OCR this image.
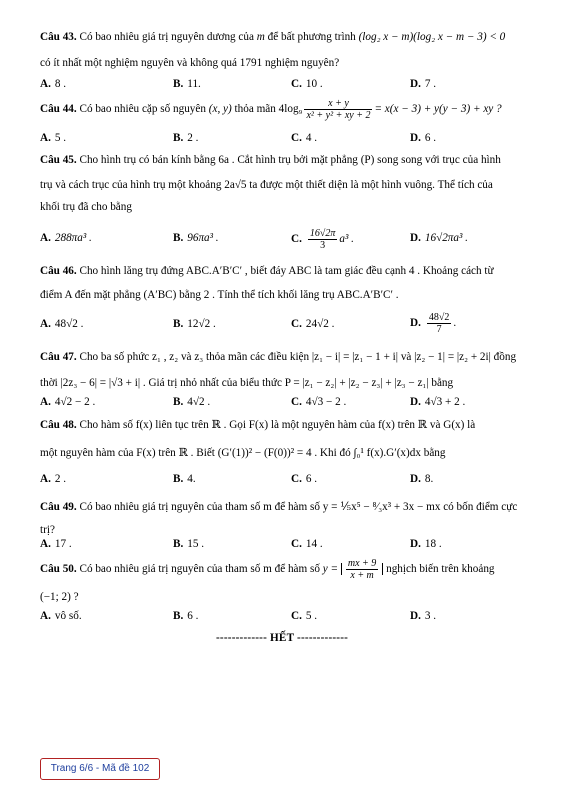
Câu 43. Có bao nhiêu giá trị nguyên dương của m để bất phương trình (log₂ x − m)(log₂ x − m − 3) < 0
có ít nhất một nghiệm nguyên và không quá 1791 nghiệm nguyên?
A. 8 .	B. 11.	C. 10 .	D. 7 .
Câu 44. Có bao nhiêu cặp số nguyên (x, y) thỏa mãn $4\log_9 \frac{x + y}{\text{x² + y² + xy + 2}} = x(x - 3) + y(y - 3)$ + xy ?
A. 5 .	B. 2 .	C. 4 .	D. 6 .
Câu 45. Cho hình trụ có bán kính bằng 6a . Cắt hình trụ bởi mặt phẳng (P) song song với trục của hình
trụ và cách trục của hình trụ một khoảng 2a√5 ta được một thiết diện là một hình vuông. Thể tích của
khối trụ đã cho bằng
A. 288πa³ .	B. 96πa³ .	C. $\frac{16√2\pi}{3} a^3$ .	D. 16√2πa³ .
Câu 46. Cho hình lăng trụ đứng ABC.A′B′C′ , biết đáy ABC là tam giác đều cạnh 4 . Khoảng cách từ
điểm A đến mặt phẳng (A′BC) bằng 2 . Tính thể tích khối lăng trụ ABC.A′B′C′ .
A. 48√2 .	B. 12√2 .	C. 24√2 .	D. $\frac{48√2}{7}$ .
Câu 47. Cho ba số phức z₁ , z₂ và z₃ thỏa mãn các điều kiện |z₁ − i| = |z₁ − 1 + i| và |z₂ − 1| = |z₂ + 2i| đồng
thời |2z₃ − 6| = |√3 + i| . Giá trị nhỏ nhất của biểu thức P = |z₁ − z₂| + |z₂ − z₃| + |z₃ − z₁| bằng
A. 4√2 − 2 .	B. 4√2 .	C. 4√3 − 2 .	D. 4√3 + 2 .
Câu 48. Cho hàm số f(x) liên tục trên ℝ . Gọi F(x) là một nguyên hàm của f(x) trên ℝ và G(x) là
một nguyên hàm của F(x) trên ℝ . Biết (G′(1))² − (F(0))² = 4 . Khi đó ∫₀¹ f(x).G′(x)dx bằng
A. 2 .	B. 4.	C. 6 .	D. 8.
Câu 49. Có bao nhiêu giá trị nguyên của tham số m để hàm số y = ⅕x⁵ − ⁸⁄₃x³ + 3x − mx có bốn điểm cực
trị?
A. 17 .	B. 15 .	C. 14 .	D. 18 .
Câu 50. Có bao nhiêu giá trị nguyên của tham số m để hàm số $y = \frac{mx + 9}{x + m}$ nghịch biến trên khoảng
(−1; 2) ?
A. vô số.	B. 6 .	C. 5 .	D. 3 .
------------- HẾT -------------
Trang 6/6 - Mã đề 102
